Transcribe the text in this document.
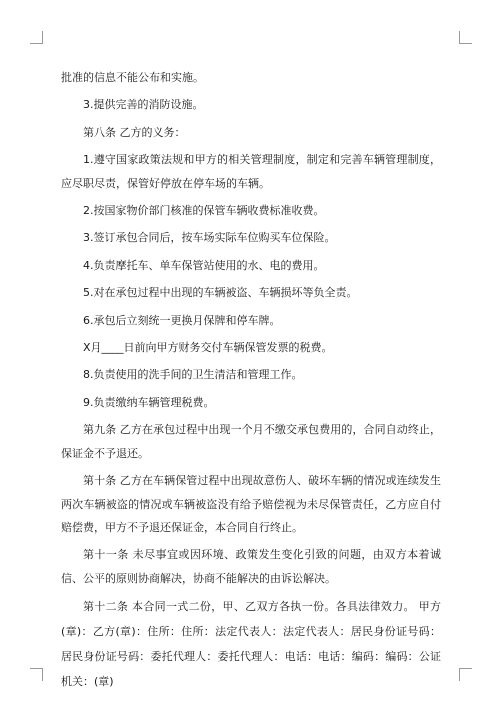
批准的信息不能公布和实施。

3.提供完善的消防设施。

第八条 乙方的义务：

1.遵守国家政策法规和甲方的相关管理制度，制定和完善车辆管理制度，应尽职尽责，保管好停放在停车场的车辆。

2.按国家物价部门核准的保管车辆收费标准收费。

3.签订承包合同后，按车场实际车位购买车位保险。

4.负责摩托车、单车保管站使用的水、电的费用。

5.对在承包过程中出现的车辆被盗、车辆损坏等负全责。

6.承包后立刻统一更换月保牌和停车牌。

X月____日前向甲方财务交付车辆保管发票的税费。

8.负责使用的洗手间的卫生清洁和管理工作。

9.负责缴纳车辆管理税费。

第九条 乙方在承包过程中出现一个月不缴交承包费用的，合同自动终止，保证金不予退还。

第十条 乙方在车辆保管过程中出现故意伤人、破坏车辆的情况或连续发生两次车辆被盗的情况或车辆被盗没有给予赔偿视为未尽保管责任，乙方应自付赔偿费，甲方不予退还保证金，本合同自行终止。

第十一条 未尽事宜或因环境、政策发生变化引致的问题，由双方本着诚信、公平的原则协商解决，协商不能解决的由诉讼解决。

第十二条 本合同一式二份，甲、乙双方各执一份。各具法律效力。 甲方(章)：乙方(章)：住所：住所：法定代表人：法定代表人：居民身份证号码：居民身份证号码：委托代理人：委托代理人：电话：电话：编码：编码：公证机关：(章)
